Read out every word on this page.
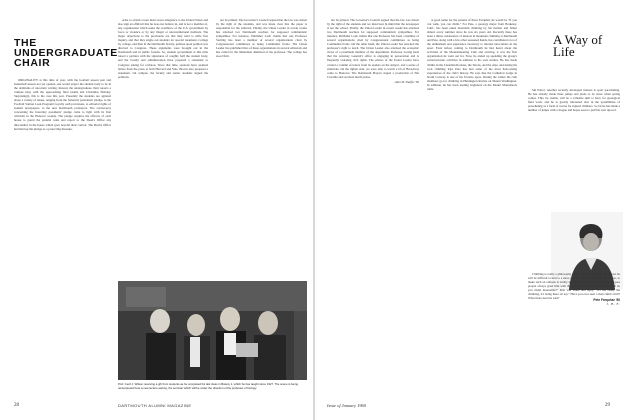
THE
UNDERGRADUATE
CHAIR

ORIGINALITY at this time of year, with the football season past and basketball season not yet opened, one would expect the student body to be in the doldrums of uncertain writing. Instead, the undergraduate chair reports a campus busy with the approaching final exams and Christmas Holiday. Surprisingly, this is the case this year. Presently the students are agitated about a variety of issues, ranging from the fraternity presidents' pledge, to the Football Station Loan Program's loyalty oath provisions, to editorial rights of student newspapers, to the new Dartmouth professors. The controversy concerning the fraternity presidents' pledge came to light with its first criticism in the Hanover weekly. The pledge requires the officers of each house to guard the parietal rules and report to the Dean's Office any misconduct in the house which goes beyond their control. The Dean's Office had held up the pledge as a protecting measure.

order to obtain a loan must swear allegiance to the United States and also sign an affidavit that he does not believe in, and is not a member of, any organization which seeks the overthrow of the U.S. government by force or violence or by any illegal or unconstitutional methods. The major objections to the provisions are that they tend to stifle free inquiry, and that they single out students for special treatment. College by college, and then in the Dartmouth faculty, petition upon petition was directed to Congress. These arguments were brought out in the Dartmouth and in public forums. So, student government at this time raised a petition with the signatures of roughly half the student body, and the faculty and administration have prepared a statement to Congress asking for revision. Since that time, sessions have sparked letters from the press at both Harvard and Yale. Brown also prepared a statement. On campus, the faculty and senior students signed the petitions.

not be printed. The Governor's Council argued that the law was drawn by the right of the students, and was made clear that the paper is responsible for the editorial. Finally, the Union Leader in recent weeks has attacked two Dartmouth teachers for supposed communistic sympathies. For instance, Publisher Loeb claims that one Professor Sterling has been a member of several organizations cited by Congressional committees as being Communist fronts. The Union Leader has published lists of these organizations in several editorials and has called for the immediate dismissal of the professor. The college has stood firm.

Prof. Cecil J. Wilson receiving a gift from students as he completed his last class in Botany 1, which he has taught since 1927. The scene is being reinterpreted here a new lecture-setting, the seminar which will be under the direction of the professor of biology.
28	DARTMOUTH ALUMNI MAGAZINE

not be printed. The Governor's Council argued that the law was drawn by the right of the students and we must bear in mind that the newspaper is not the school. Finally, the Union Leader in recent weeks has attacked two Dartmouth teachers for supposed communistic sympathies. For instance, Publisher Loeb claims that one Professor has been a member of several organizations cited by Congressional committees as being Communist fronts. On the other hand, the Union Leader has attacked the professor's right to teach. The Union Leader also attacked the economic views of a prominent member of the department. Professor Loring feels that the Attorney General's office is engaging in persecution and is flagrantly violating civil rights. The editors of the Union Leader have carried a column of letters from its readers on the subject, and a series of editorials. On the lighter side, we were able to watch a bit of Broadway come to Hanover. The Dartmouth Players staged a production of The Crucible and received much praise.

Alan M. Shaffer '60

A good name for the parents of Peter Farquhar, he would be "If you can walk, you can climb." For Pete, a geology major from Berkeley, Calif., has been taken mountain climbing by his mother and father almost every summer since he was six years old. Recently there has been a minor renaissance of interest in mountain climbing at Dartmouth and Pete, along with a few other seasoned hands, has contributed a lot of the enthusiasm and experience necessary to interest newcomers in the sport. Even before coming to Dartmouth he had heard about the activities of the Mountaineering Club and arriving, it was the first organization he went out for. Now, he ended up spending the group's extracurricular activities in addition to his own studies. He has made climbs in the Canadian Rockies, the Tetons, and the Alps, and during his rock climbing trips Pete has had some of the most hair-raising experiences of the club's history. He says that the Cathedral Ledge in North Conway is one of his favorite spots. During the winter the club members go ice climbing in Huntington Ravine on Mount Washington. In addition, he has been leading beginners on the Mount Monadnock trails.

A Way of Life

Ski Patrol. Another recently developed interest is sport parachuting. He has already made three jumps and plans to do more when spring comes. This, he claims, will be a valuable skill to have for geological field work, and he is greatly interested also in the possibilities of parachuting as a form of rescue for injured climbers. So far he has made a number of jumps with a drogue and hopes soon to pull his own ripcord.

Pete Farquhar '60

Climbing is really a philosophy of life, to see fairly, and one knows he will be difficult to turn to a more precise form of existence. Of course, to make such an outlook is totally incomprehensible, and wherever he goes people always greet him with the same old question, "Why on earth do you climb mountains?" Pete will smile and reply: "It's not really the climbing, it's being there on top." Have you ever seen a man climb a hill? What more need be said?

J. B. F.
Issue of January 1960	29
